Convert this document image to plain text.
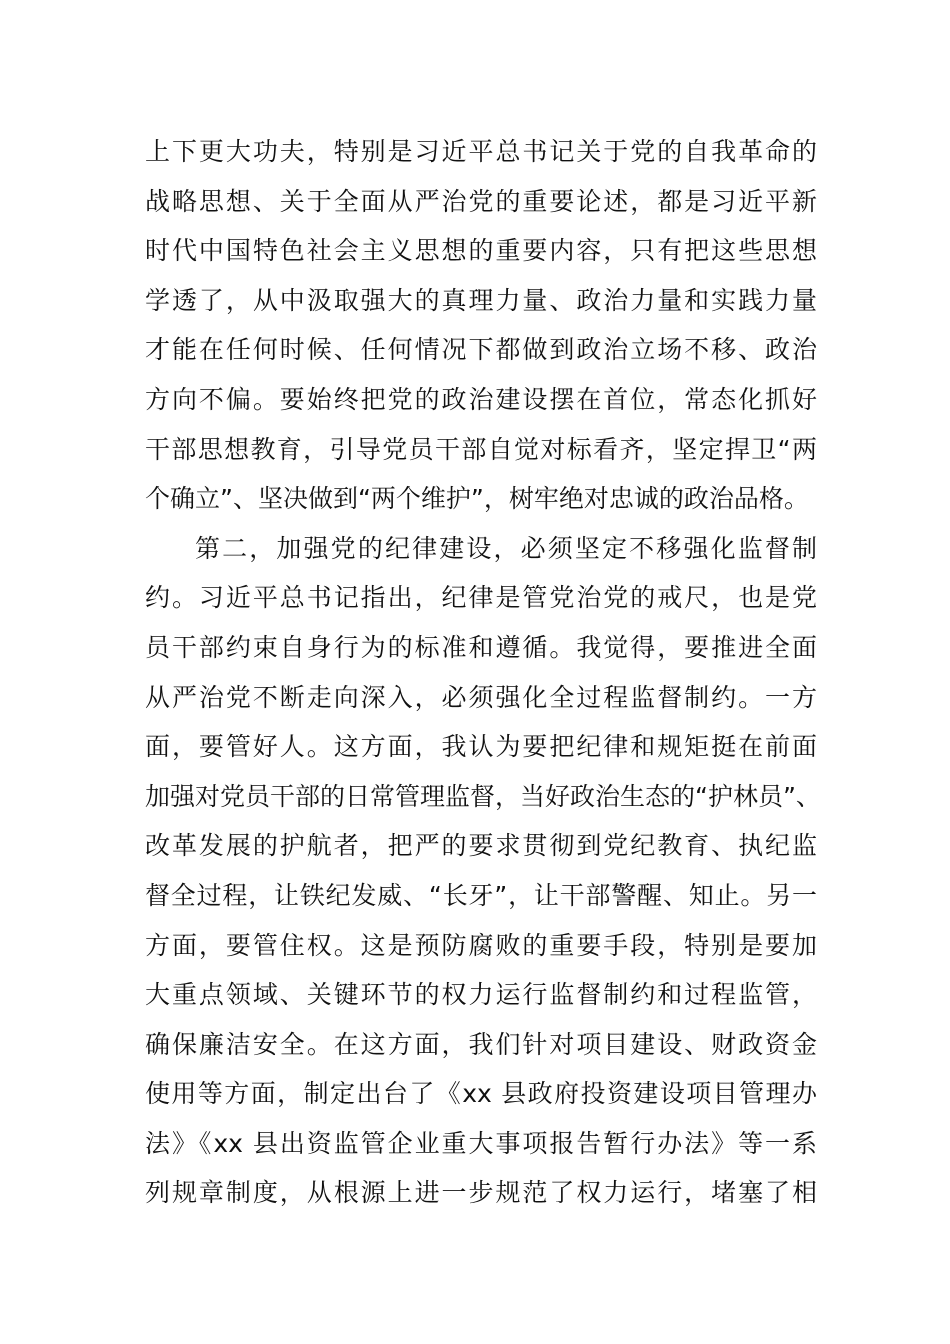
上下更大功夫，特别是习近平总书记关于党的自我革命的
战略思想、关于全面从严治党的重要论述，都是习近平新
时代中国特色社会主义思想的重要内容，只有把这些思想
学透了，从中汲取强大的真理力量、政治力量和实践力量
才能在任何时候、任何情况下都做到政治立场不移、政治
方向不偏。要始终把党的政治建设摆在首位，常态化抓好
干部思想教育，引导党员干部自觉对标看齐，坚定捍卫“两
个确立”、坚决做到“两个维护”，树牢绝对忠诚的政治品格。
第二，加强党的纪律建设，必须坚定不移强化监督制
约。习近平总书记指出，纪律是管党治党的戒尺，也是党
员干部约束自身行为的标准和遵循。我觉得，要推进全面
从严治党不断走向深入，必须强化全过程监督制约。一方
面，要管好人。这方面，我认为要把纪律和规矩挺在前面
加强对党员干部的日常管理监督，当好政治生态的“护林员”、
改革发展的护航者，把严的要求贯彻到党纪教育、执纪监
督全过程，让铁纪发威、“长牙”，让干部警醒、知止。另一
方面，要管住权。这是预防腐败的重要手段，特别是要加
大重点领域、关键环节的权力运行监督制约和过程监管，
确保廉洁安全。在这方面，我们针对项目建设、财政资金
使用等方面，制定出台了《xx 县政府投资建设项目管理办
法》《xx 县出资监管企业重大事项报告暂行办法》等一系
列规章制度，从根源上进一步规范了权力运行，堵塞了相
